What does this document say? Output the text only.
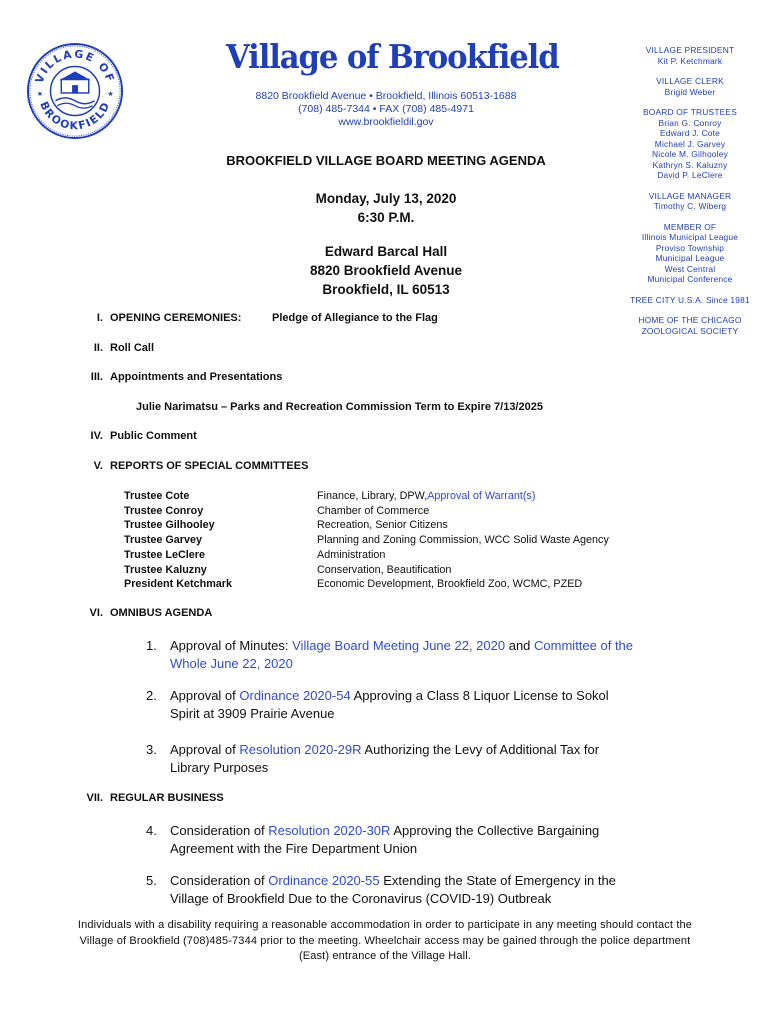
VILLAGE OF
BROOKFIELD
★	★
Village of Brookfield
8820 Brookfield Avenue • Brookfield, Illinois 60513-1688
(708) 485-7344 • FAX (708) 485-4971
www.brookfieldil.gov
VILLAGE PRESIDENT
Kit P. Ketchmark
VILLAGE CLERK
Brigid Weber
BOARD OF TRUSTEES
Brian G. Conroy
Edward J. Cote
Michael J. Garvey
Nicole M. Gilhooley
Kathryn S. Kaluzny
David P. LeClere
VILLAGE MANAGER
Timothy C. Wiberg
MEMBER OF
Illinois Municipal League
Proviso Township
Municipal League
West Central
Municipal Conference
TREE CITY U.S.A. Since 1981
HOME OF THE CHICAGO
ZOOLOGICAL SOCIETY
BROOKFIELD VILLAGE BOARD MEETING AGENDA
Monday, July 13, 2020
6:30 P.M.
Edward Barcal Hall
8820 Brookfield Avenue
Brookfield, IL 60513
I. OPENING CEREMONIES:	Pledge of Allegiance to the Flag
II. Roll Call
III. Appointments and Presentations
Julie Narimatsu – Parks and Recreation Commission Term to Expire 7/13/2025
IV. Public Comment
V. REPORTS OF SPECIAL COMMITTEES
Trustee Cote	Finance, Library, DPW, Approval of Warrant(s)
Trustee Conroy	Chamber of Commerce
Trustee Gilhooley	Recreation, Senior Citizens
Trustee Garvey	Planning and Zoning Commission, WCC Solid Waste Agency
Trustee LeClere	Administration
Trustee Kaluzny	Conservation, Beautification
President Ketchmark	Economic Development, Brookfield Zoo, WCMC, PZED
VI. OMNIBUS AGENDA
1. Approval of Minutes: Village Board Meeting June 22, 2020 and Committee of the Whole June 22, 2020
2. Approval of Ordinance 2020-54 Approving a Class 8 Liquor License to Sokol Spirit at 3909 Prairie Avenue
3. Approval of Resolution 2020-29R Authorizing the Levy of Additional Tax for Library Purposes
VII. REGULAR BUSINESS
4. Consideration of Resolution 2020-30R Approving the Collective Bargaining Agreement with the Fire Department Union
5. Consideration of Ordinance 2020-55 Extending the State of Emergency in the Village of Brookfield Due to the Coronavirus (COVID-19) Outbreak
Individuals with a disability requiring a reasonable accommodation in order to participate in any meeting should contact the Village of Brookfield (708)485-7344 prior to the meeting. Wheelchair access may be gained through the police department (East) entrance of the Village Hall.
